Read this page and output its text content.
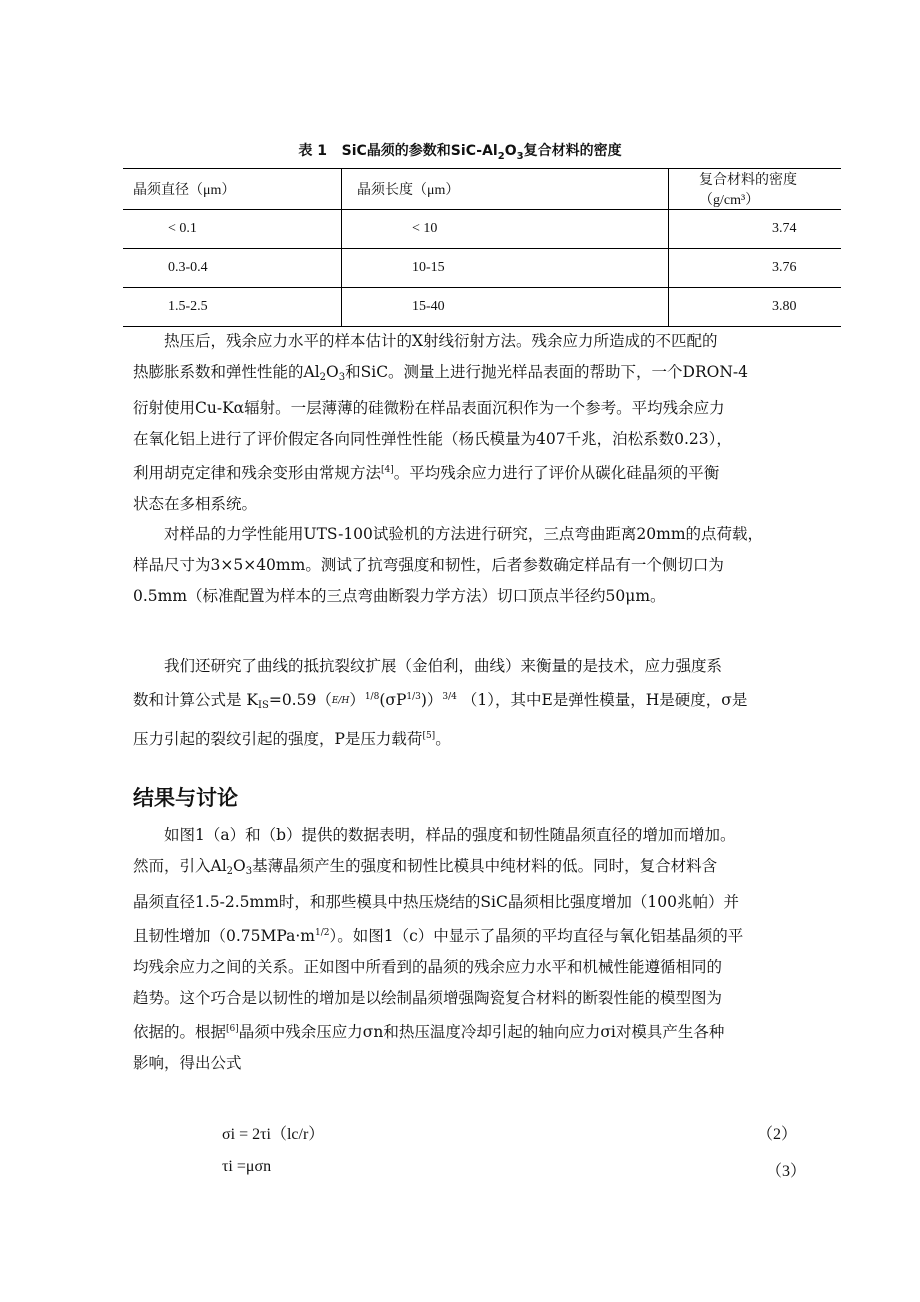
表 1 SiC晶须的参数和SiC-$Al_2O_3$复合材料的密度
晶须直径（μm）	晶须长度（μm）	复合材料的密度（g/cm³）
< 0.1	< 10	3.74
0.3-0.4	10-15	3.76
1.5-2.5	15-40	3.80

热压后，残余应力水平的样本估计的X射线衍射方法。残余应力所造成的不匹配的

热膨胀系数和弹性性能的$Al_2O_3$和SiC。测量上进行抛光样品表面的帮助下，一个DRON-4

衍射使用Cu-Kα辐射。一层薄薄的硅微粉在样品表面沉积作为一个参考。平均残余应力

在氧化铝上进行了评价假定各向同性弹性性能（杨氏模量为407千兆，泊松系数0.23），

利用胡克定律和残余变形由常规方法[4]。平均残余应力进行了评价从碳化硅晶须的平衡

状态在多相系统。

对样品的力学性能用UTS-100试验机的方法进行研究，三点弯曲距离20mm的点荷载，

样品尺寸为3×5×40mm。测试了抗弯强度和韧性，后者参数确定样品有一个侧切口为

0.5mm（标准配置为样本的三点弯曲断裂力学方法）切口顶点半径约50μm。

我们还研究了曲线的抵抗裂纹扩展（金伯利，曲线）来衡量的是技术，应力强度系

数和计算公式是 $K_{IS}=0.59(E/H)^{1/8}(\sigma P^{1/3}))^{3/4}$ （1），其中E是弹性模量，H是硬度，σ是

压力引起的裂纹引起的强度，P是压力载荷[5]。

结果与讨论

如图1（a）和（b）提供的数据表明，样品的强度和韧性随晶须直径的增加而增加。

然而，引入$Al_2O_3$基薄晶须产生的强度和韧性比模具中纯材料的低。同时，复合材料含

晶须直径1.5-2.5mm时，和那些模具中热压烧结的SiC晶须相比强度增加（100兆帕）并

且韧性增加$(0.75MPa\cdot m^{1/2})$。如图1（c）中显示了晶须的平均直径与氧化铝基晶须的平

均残余应力之间的关系。正如图中所看到的晶须的残余应力水平和机械性能遵循相同的

趋势。这个巧合是以韧性的增加是以绘制晶须增强陶瓷复合材料的断裂性能的模型图为

依据的。根据[6]晶须中残余压应力σn和热压温度冷却引起的轴向应力σi对模具产生各种

影响，得出公式

σi = 2τi（lc/r）	（2）
τi =μσn	（3）
